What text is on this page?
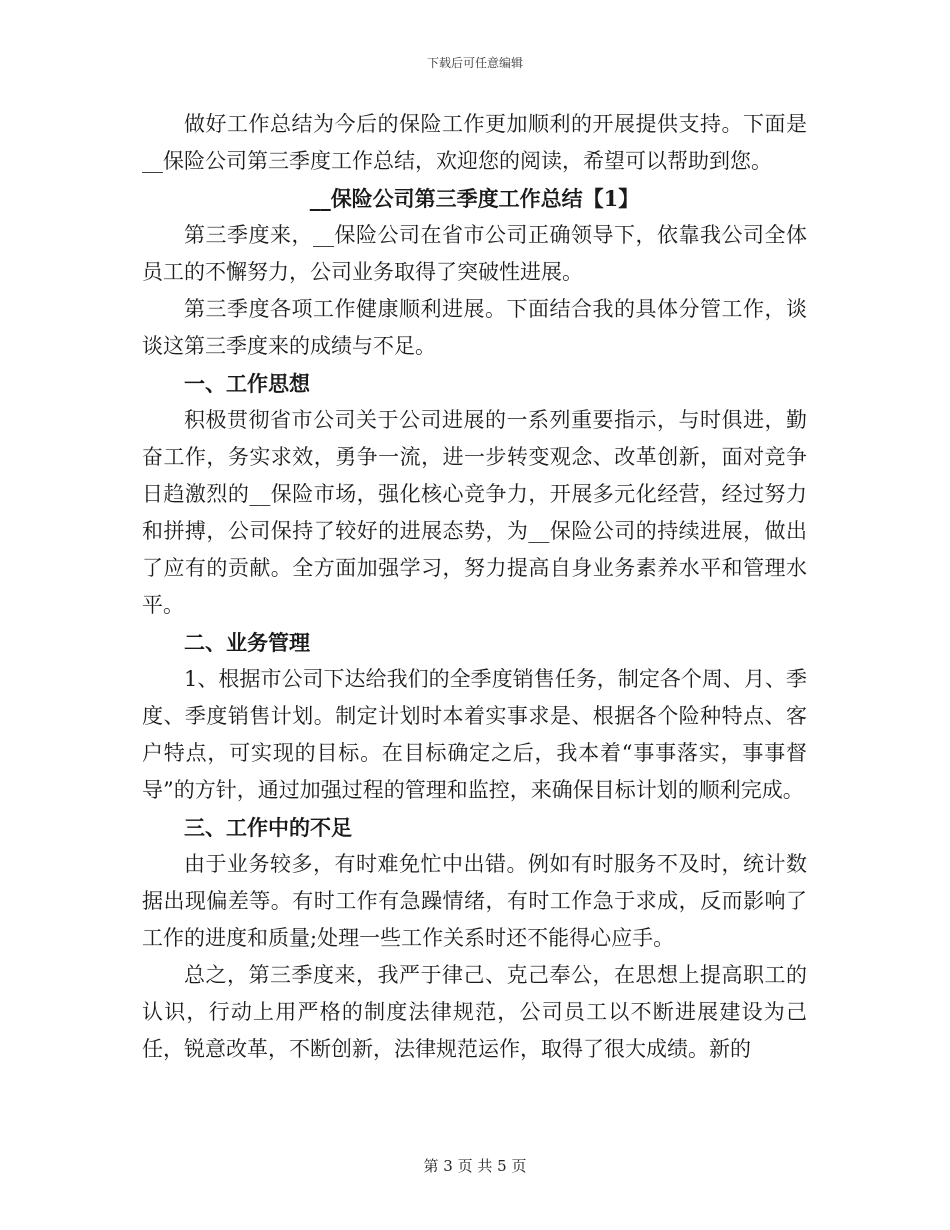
下载后可任意编辑

做好工作总结为今后的保险工作更加顺利的开展提供支持。下面是__保险公司第三季度工作总结，欢迎您的阅读，希望可以帮助到您。

__保险公司第三季度工作总结【1】

第三季度来，__保险公司在省市公司正确领导下，依靠我公司全体员工的不懈努力，公司业务取得了突破性进展。

第三季度各项工作健康顺利进展。下面结合我的具体分管工作，谈谈这第三季度来的成绩与不足。

一、工作思想

积极贯彻省市公司关于公司进展的一系列重要指示，与时俱进，勤奋工作，务实求效，勇争一流，进一步转变观念、改革创新，面对竞争日趋激烈的__保险市场，强化核心竞争力，开展多元化经营，经过努力和拼搏，公司保持了较好的进展态势，为__保险公司的持续进展，做出了应有的贡献。全方面加强学习，努力提高自身业务素养水平和管理水平。

二、业务管理

1、根据市公司下达给我们的全季度销售任务，制定各个周、月、季度、季度销售计划。制定计划时本着实事求是、根据各个险种特点、客户特点，可实现的目标。在目标确定之后，我本着“事事落实，事事督导”的方针，通过加强过程的管理和监控，来确保目标计划的顺利完成。

三、工作中的不足

由于业务较多，有时难免忙中出错。例如有时服务不及时，统计数据出现偏差等。有时工作有急躁情绪，有时工作急于求成，反而影响了工作的进度和质量;处理一些工作关系时还不能得心应手。

总之，第三季度来，我严于律己、克己奉公，在思想上提高职工的认识，行动上用严格的制度法律规范，公司员工以不断进展建设为己任，锐意改革，不断创新，法律规范运作，取得了很大成绩。新的

第 3 页 共 5 页
